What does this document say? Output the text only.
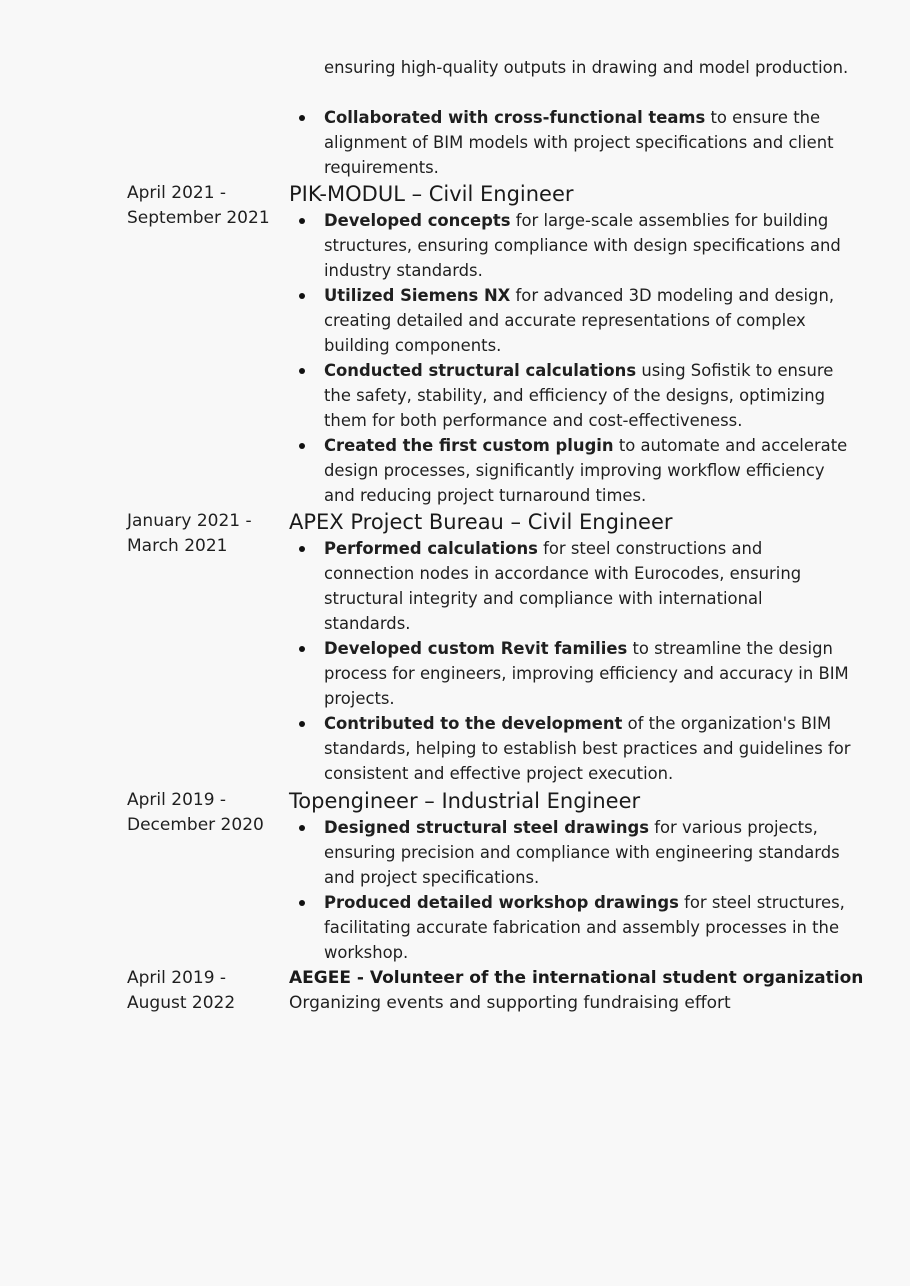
ensuring high-quality outputs in drawing and model production.
Collaborated with cross-functional teams to ensure the alignment of BIM models with project specifications and client requirements.
April 2021 - September 2021
PIK-MODUL – Civil Engineer
Developed concepts for large-scale assemblies for building structures, ensuring compliance with design specifications and industry standards.
Utilized Siemens NX for advanced 3D modeling and design, creating detailed and accurate representations of complex building components.
Conducted structural calculations using Sofistik to ensure the safety, stability, and efficiency of the designs, optimizing them for both performance and cost-effectiveness.
Created the first custom plugin to automate and accelerate design processes, significantly improving workflow efficiency and reducing project turnaround times.
January 2021 - March 2021
APEX Project Bureau – Civil Engineer
Performed calculations for steel constructions and connection nodes in accordance with Eurocodes, ensuring structural integrity and compliance with international standards.
Developed custom Revit families to streamline the design process for engineers, improving efficiency and accuracy in BIM projects.
Contributed to the development of the organization's BIM standards, helping to establish best practices and guidelines for consistent and effective project execution.
April 2019 - December 2020
Topengineer – Industrial Engineer
Designed structural steel drawings for various projects, ensuring precision and compliance with engineering standards and project specifications.
Produced detailed workshop drawings for steel structures, facilitating accurate fabrication and assembly processes in the workshop.
April 2019 - August 2022
AEGEE - Volunteer of the international student organization

Organizing events and supporting fundraising effort
